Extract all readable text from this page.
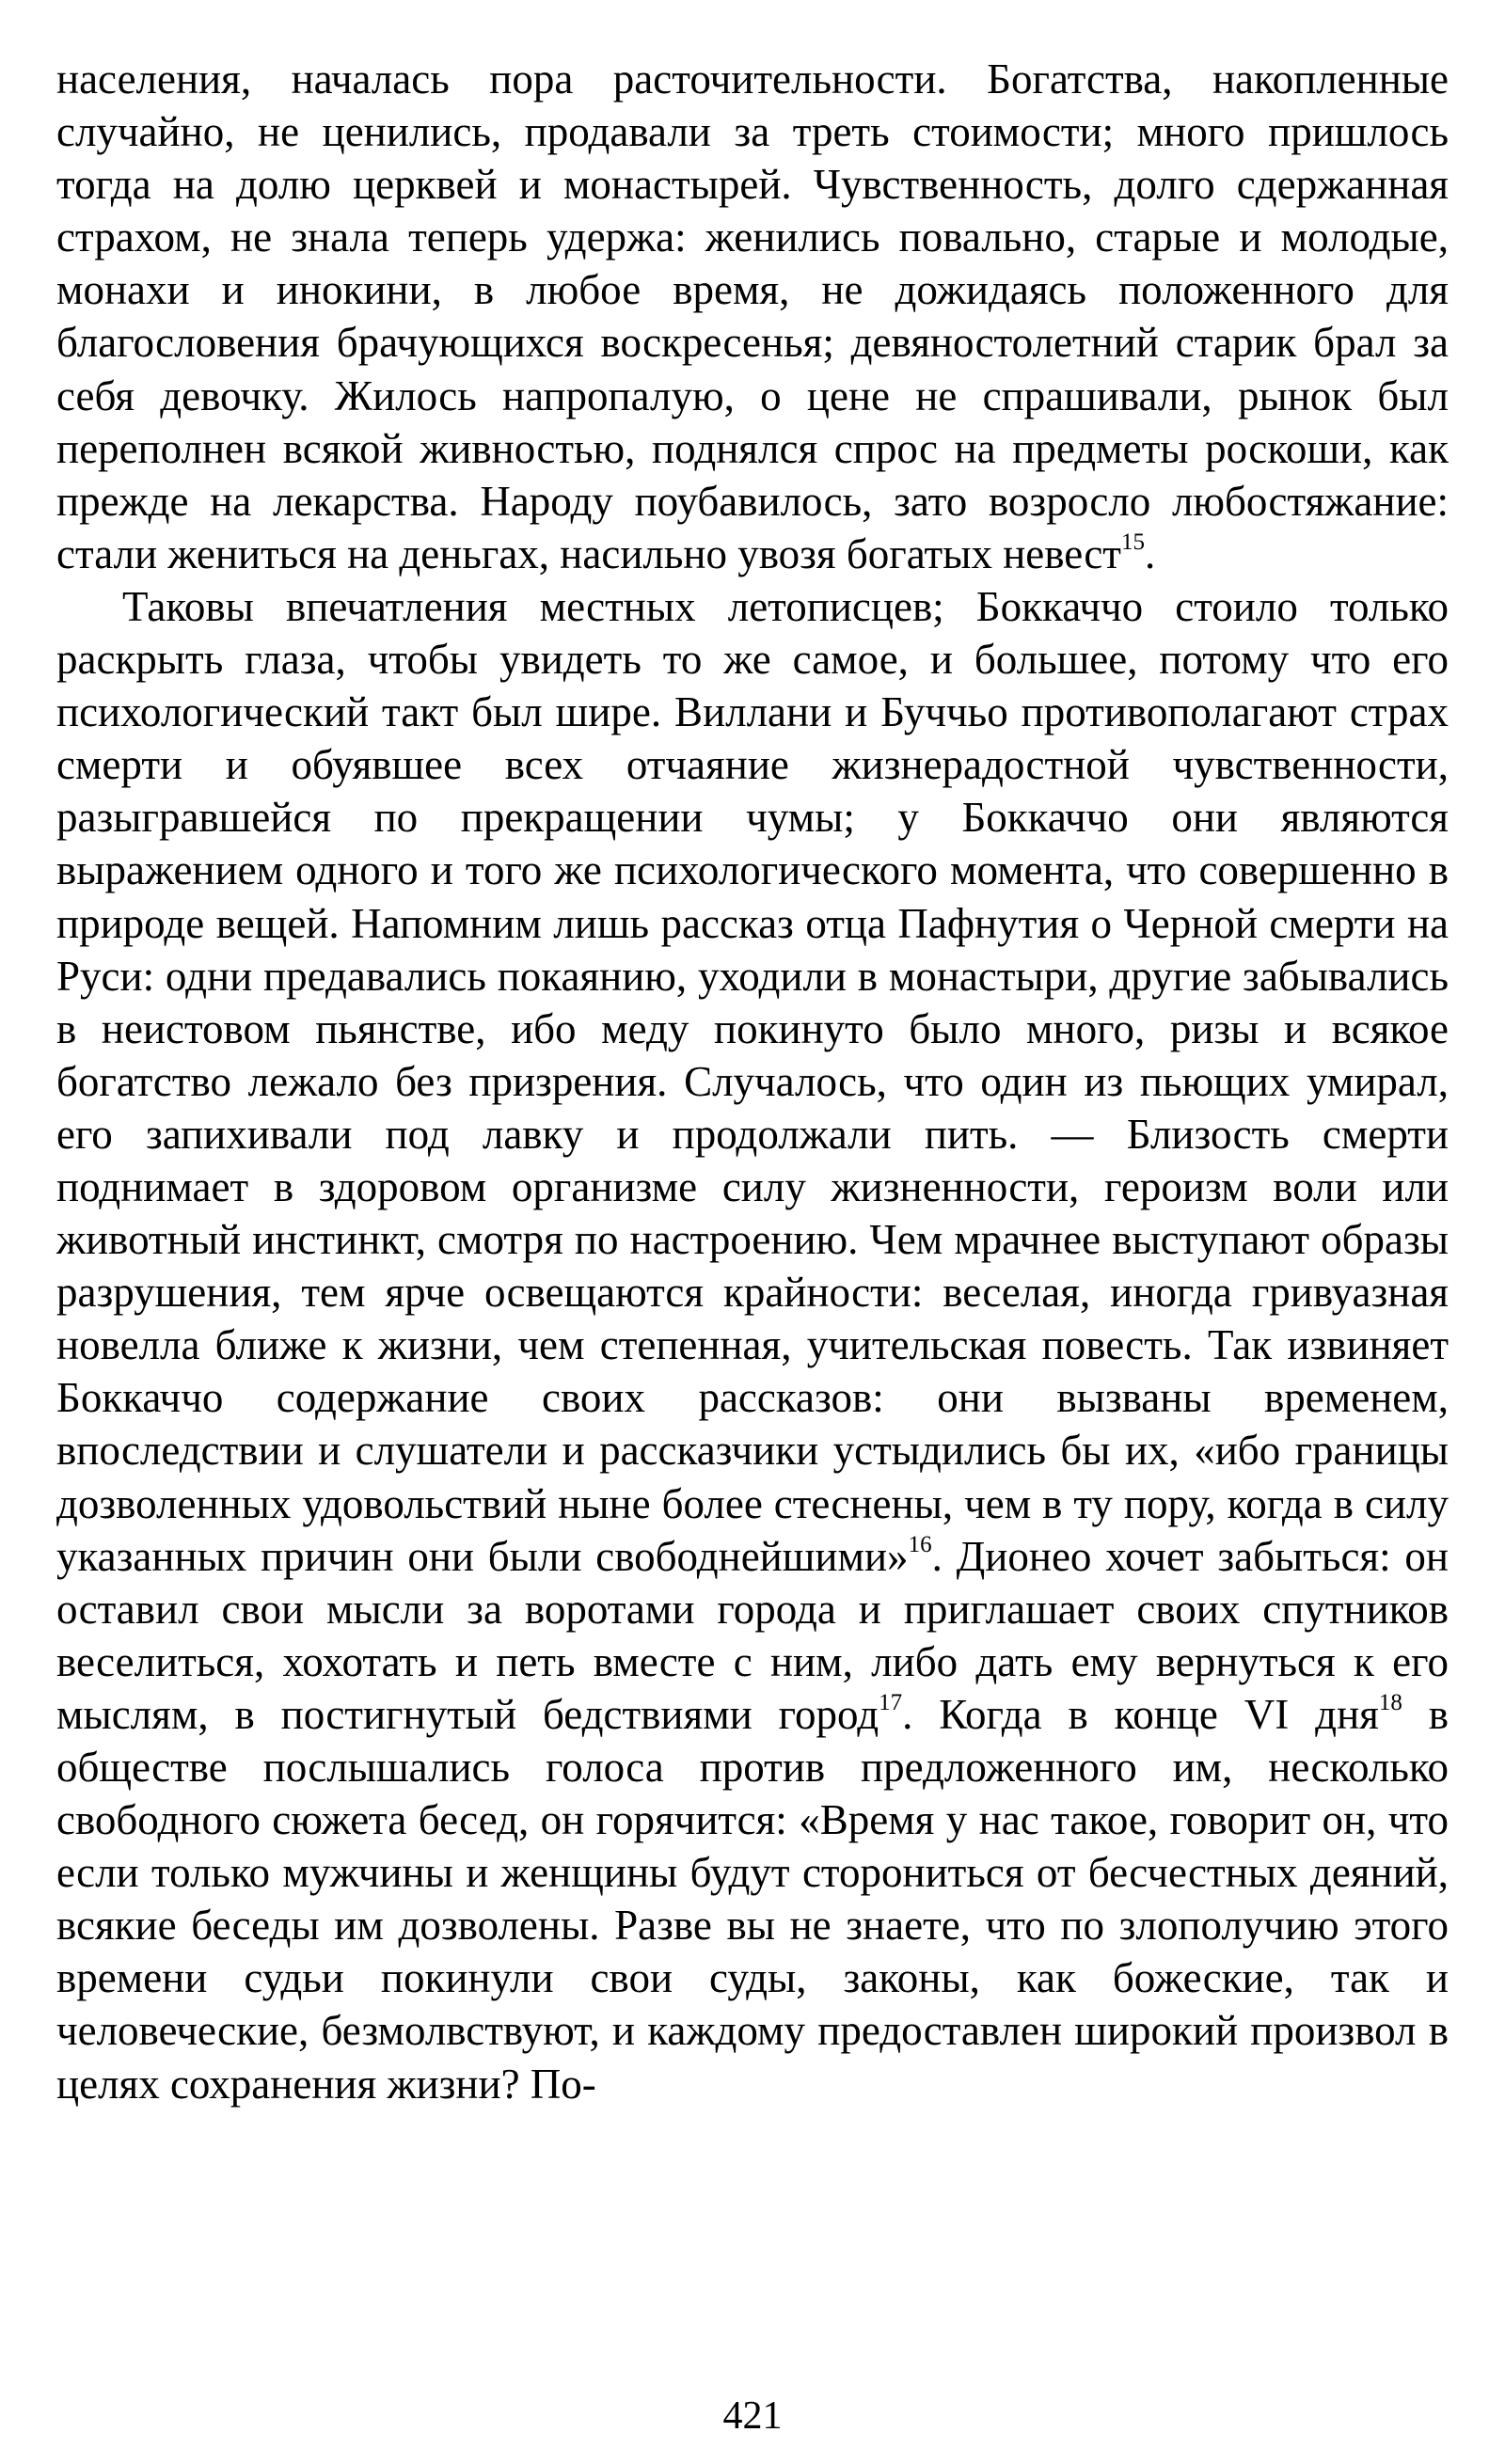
населения, началась пора расточительности. Богатства, накопленные случайно, не ценились, продавали за треть стоимости; много пришлось тогда на долю церквей и монастырей. Чувственность, долго сдержанная страхом, не знала теперь удержа: женились повально, старые и молодые, монахи и инокини, в любое время, не дожидаясь положенного для благословения брачующихся воскресенья; девяностолетний старик брал за себя девочку. Жилось напропалую, о цене не спрашивали, рынок был переполнен всякой живностью, поднялся спрос на предметы роскоши, как прежде на лекарства. Народу поубавилось, зато возросло любостяжание: стали жениться на деньгах, насильно увозя богатых невест$^{15}$.

Таковы впечатления местных летописцев; Боккаччо стоило только раскрыть глаза, чтобы увидеть то же самое, и большее, потому что его психологический такт был шире. Виллани и Буччьо противополагают страх смерти и обуявшее всех отчаяние жизнерадостной чувственности, разыгравшейся по прекращении чумы; у Боккаччо они являются выражением одного и того же психологического момента, что совершенно в природе вещей. Напомним лишь рассказ отца Пафнутия о Черной смерти на Руси: одни предавались покаянию, уходили в монастыри, другие забывались в неистовом пьянстве, ибо меду покинуто было много, ризы и всякое богатство лежало без призрения. Случалось, что один из пьющих умирал, его запихивали под лавку и продолжали пить. — Близость смерти поднимает в здоровом организме силу жизненности, героизм воли или животный инстинкт, смотря по настроению. Чем мрачнее выступают образы разрушения, тем ярче освещаются крайности: веселая, иногда гривуазная новелла ближе к жизни, чем степенная, учительская повесть. Так извиняет Боккаччо содержание своих рассказов: они вызваны временем, впоследствии и слушатели и рассказчики устыдились бы их, «ибо границы дозволенных удовольствий ныне более стеснены, чем в ту пору, когда в силу указанных причин они были свободнейшими»$^{16}$. Дионео хочет забыться: он оставил свои мысли за воротами города и приглашает своих спутников веселиться, хохотать и петь вместе с ним, либо дать ему вернуться к его мыслям, в постигнутый бедствиями город$^{17}$. Когда в конце VI дня$^{18}$ в обществе послышались голоса против предложенного им, несколько свободного сюжета бесед, он горячится: «Время у нас такое, говорит он, что если только мужчины и женщины будут сторониться от бесчестных деяний, всякие беседы им дозволены. Разве вы не знаете, что по злополучию этого времени судьи покинули свои суды, законы, как божеские, так и человеческие, безмолвствуют, и каждому предоставлен широкий произвол в целях сохранения жизни? По-

421
